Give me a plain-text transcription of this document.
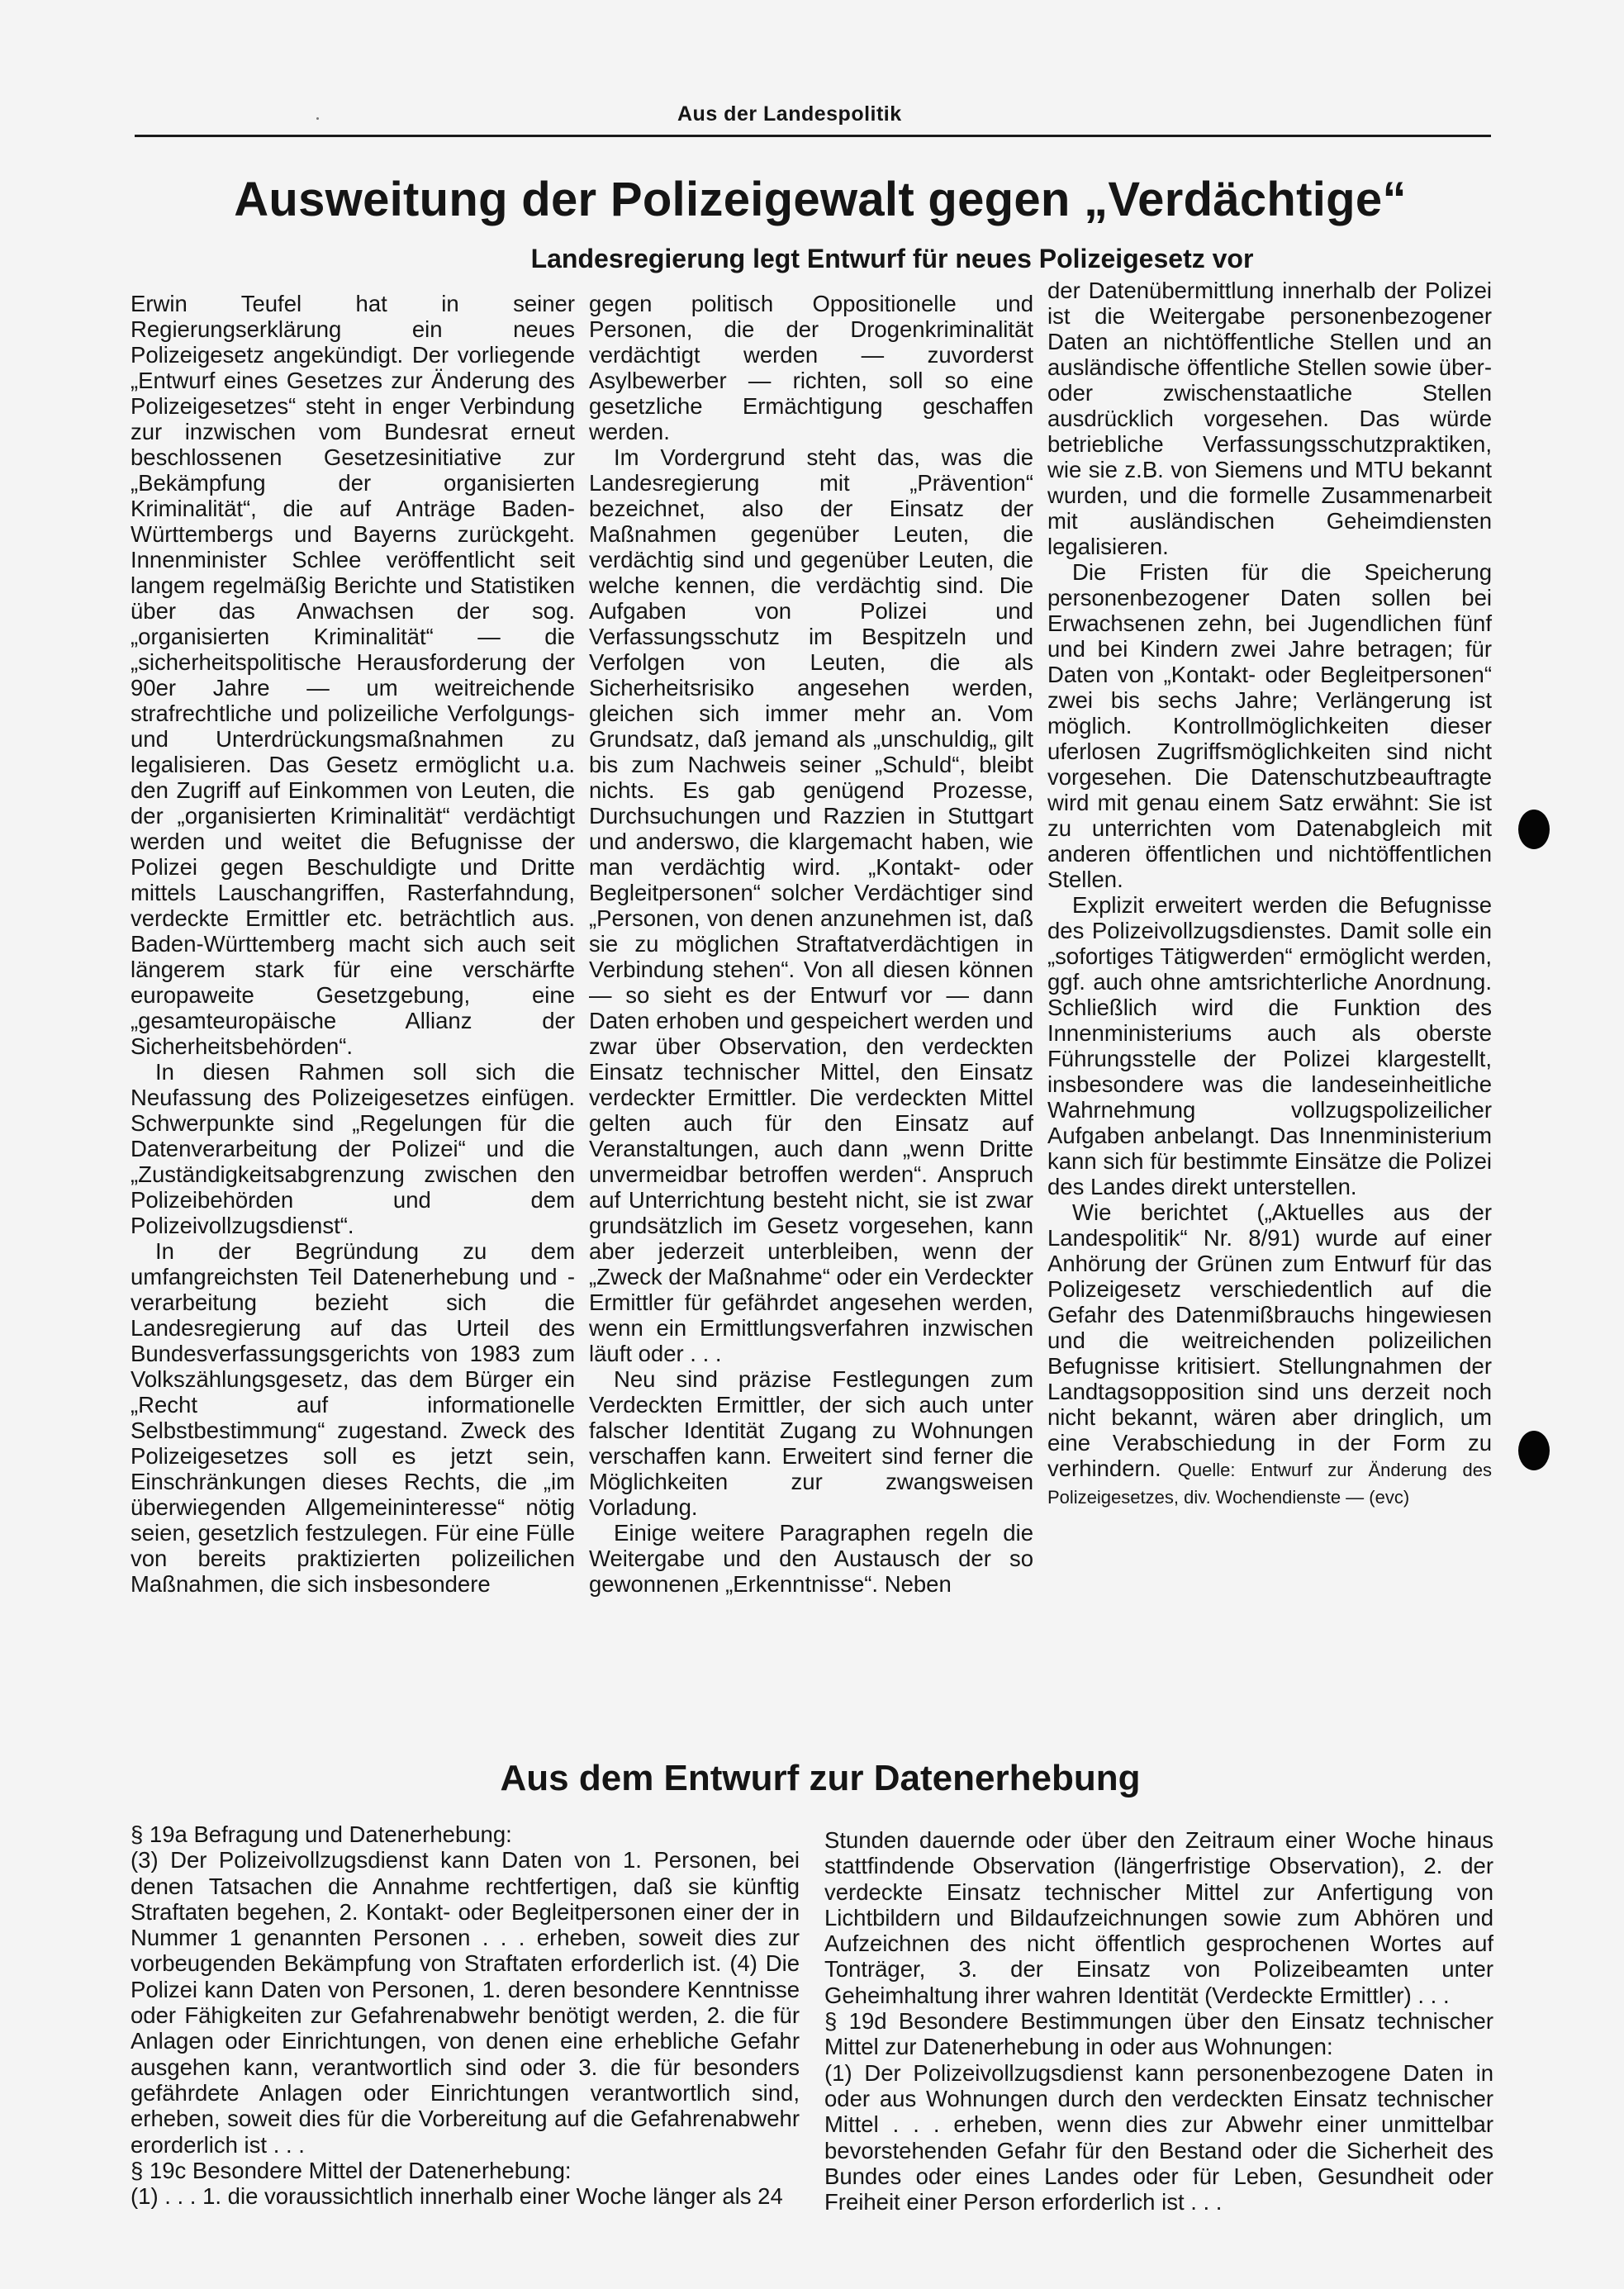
Aus der Landespolitik
Ausweitung der Polizeigewalt gegen „Verdächtige“
Landesregierung legt Entwurf für neues Polizeigesetz vor

Erwin Teufel hat in seiner Regierungserklärung ein neues Polizeigesetz angekündigt. Der vorliegende „Entwurf eines Gesetzes zur Änderung des Polizeigesetzes“ steht in enger Verbindung zur inzwischen vom Bundesrat erneut beschlossenen Gesetzesinitiative zur „Bekämpfung der organisierten Kriminalität“, die auf Anträge Baden-Württembergs und Bayerns zurückgeht. Innenminister Schlee veröffentlicht seit langem regelmäßig Berichte und Statistiken über das Anwachsen der sog. „organisierten Kriminalität“ — die „sicherheitspolitische Herausforderung der 90er Jahre — um weitreichende strafrechtliche und polizeiliche Verfolgungs- und Unterdrückungsmaßnahmen zu legalisieren. Das Gesetz ermöglicht u.a. den Zugriff auf Einkommen von Leuten, die der „organisierten Kriminalität“ verdächtigt werden und weitet die Befugnisse der Polizei gegen Beschuldigte und Dritte mittels Lauschangriffen, Rasterfahndung, verdeckte Ermittler etc. beträchtlich aus. Baden-Württemberg macht sich auch seit längerem stark für eine verschärfte europaweite Gesetzgebung, eine „gesamteuropäische Allianz der Sicherheitsbehörden“.

In diesen Rahmen soll sich die Neufassung des Polizeigesetzes einfügen. Schwerpunkte sind „Regelungen für die Datenverarbeitung der Polizei“ und die „Zuständigkeitsabgrenzung zwischen den Polizeibehörden und dem Polizeivollzugsdienst“.

In der Begründung zu dem umfangreichsten Teil Datenerhebung und -verarbeitung bezieht sich die Landesregierung auf das Urteil des Bundesverfassungsgerichts von 1983 zum Volkszählungsgesetz, das dem Bürger ein „Recht auf informationelle Selbstbestimmung“ zugestand. Zweck des Polizeigesetzes soll es jetzt sein, Einschränkungen dieses Rechts, die „im überwiegenden Allgemeininteresse“ nötig seien, gesetzlich festzulegen. Für eine Fülle von bereits praktizierten polizeilichen Maßnahmen, die sich insbesondere

gegen politisch Oppositionelle und Personen, die der Drogenkriminalität verdächtigt werden — zuvorderst Asylbewerber — richten, soll so eine gesetzliche Ermächtigung geschaffen werden.

Im Vordergrund steht das, was die Landesregierung mit „Prävention“ bezeichnet, also der Einsatz der Maßnahmen gegenüber Leuten, die verdächtig sind und gegenüber Leuten, die welche kennen, die verdächtig sind. Die Aufgaben von Polizei und Verfassungsschutz im Bespitzeln und Verfolgen von Leuten, die als Sicherheitsrisiko angesehen werden, gleichen sich immer mehr an. Vom Grundsatz, daß jemand als „unschuldig„ gilt bis zum Nachweis seiner „Schuld“, bleibt nichts. Es gab genügend Prozesse, Durchsuchungen und Razzien in Stuttgart und anderswo, die klargemacht haben, wie man verdächtig wird. „Kontakt- oder Begleitpersonen“ solcher Verdächtiger sind „Personen, von denen anzunehmen ist, daß sie zu möglichen Straftatverdächtigen in Verbindung stehen“. Von all diesen können — so sieht es der Entwurf vor — dann Daten erhoben und gespeichert werden und zwar über Observation, den verdeckten Einsatz technischer Mittel, den Einsatz verdeckter Ermittler. Die verdeckten Mittel gelten auch für den Einsatz auf Veranstaltungen, auch dann „wenn Dritte unvermeidbar betroffen werden“. Anspruch auf Unterrichtung besteht nicht, sie ist zwar grundsätzlich im Gesetz vorgesehen, kann aber jederzeit unterbleiben, wenn der „Zweck der Maßnahme“ oder ein Verdeckter Ermittler für gefährdet angesehen werden, wenn ein Ermittlungsverfahren inzwischen läuft oder . . .

Neu sind präzise Festlegungen zum Verdeckten Ermittler, der sich auch unter falscher Identität Zugang zu Wohnungen verschaffen kann. Erweitert sind ferner die Möglichkeiten zur zwangsweisen Vorladung.

Einige weitere Paragraphen regeln die Weitergabe und den Austausch der so gewonnenen „Erkenntnisse“. Neben

der Datenübermittlung innerhalb der Polizei ist die Weitergabe personenbezogener Daten an nichtöffentliche Stellen und an ausländische öffentliche Stellen sowie über- oder zwischenstaatliche Stellen ausdrücklich vorgesehen. Das würde betriebliche Verfassungsschutzpraktiken, wie sie z.B. von Siemens und MTU bekannt wurden, und die formelle Zusammenarbeit mit ausländischen Geheimdiensten legalisieren.

Die Fristen für die Speicherung personenbezogener Daten sollen bei Erwachsenen zehn, bei Jugendlichen fünf und bei Kindern zwei Jahre betragen; für Daten von „Kontakt- oder Begleitpersonen“ zwei bis sechs Jahre; Verlängerung ist möglich. Kontrollmöglichkeiten dieser uferlosen Zugriffsmöglichkeiten sind nicht vorgesehen. Die Datenschutzbeauftragte wird mit genau einem Satz erwähnt: Sie ist zu unterrichten vom Datenabgleich mit anderen öffentlichen und nichtöffentlichen Stellen.

Explizit erweitert werden die Befugnisse des Polizeivollzugsdienstes. Damit solle ein „sofortiges Tätigwerden“ ermöglicht werden, ggf. auch ohne amtsrichterliche Anordnung. Schließlich wird die Funktion des Innenministeriums auch als oberste Führungsstelle der Polizei klargestellt, insbesondere was die landeseinheitliche Wahrnehmung vollzugspolizeilicher Aufgaben anbelangt. Das Innenministerium kann sich für bestimmte Einsätze die Polizei des Landes direkt unterstellen.

Wie berichtet („Aktuelles aus der Landespolitik“ Nr. 8/91) wurde auf einer Anhörung der Grünen zum Entwurf für das Polizeigesetz verschiedentlich auf die Gefahr des Datenmißbrauchs hingewiesen und die weitreichenden polizeilichen Befugnisse kritisiert. Stellungnahmen der Landtagsopposition sind uns derzeit noch nicht bekannt, wären aber dringlich, um eine Verabschiedung in der Form zu verhindern. Quelle: Entwurf zur Änderung des Polizeigesetzes, div. Wochendienste — (evc)

Aus dem Entwurf zur Datenerhebung

§ 19a Befragung und Datenerhebung:

(3) Der Polizeivollzugsdienst kann Daten von 1. Personen, bei denen Tatsachen die Annahme rechtfertigen, daß sie künftig Straftaten begehen, 2. Kontakt- oder Begleitpersonen einer der in Nummer 1 genannten Personen . . . erheben, soweit dies zur vorbeugenden Bekämpfung von Straftaten erforderlich ist. (4) Die Polizei kann Daten von Personen, 1. deren besondere Kenntnisse oder Fähigkeiten zur Gefahrenabwehr benötigt werden, 2. die für Anlagen oder Einrichtungen, von denen eine erhebliche Gefahr ausgehen kann, verantwortlich sind oder 3. die für besonders gefährdete Anlagen oder Einrichtungen verantwortlich sind, erheben, soweit dies für die Vorbereitung auf die Gefahrenabwehr erorderlich ist . . .

§ 19c Besondere Mittel der Datenerhebung:

(1) . . . 1. die voraussichtlich innerhalb einer Woche länger als 24

Stunden dauernde oder über den Zeitraum einer Woche hinaus stattfindende Observation (längerfristige Observation), 2. der verdeckte Einsatz technischer Mittel zur Anfertigung von Lichtbildern und Bildaufzeichnungen sowie zum Abhören und Aufzeichnen des nicht öffentlich gesprochenen Wortes auf Tonträger, 3. der Einsatz von Polizeibeamten unter Geheimhaltung ihrer wahren Identität (Verdeckte Ermittler) . . .

§ 19d Besondere Bestimmungen über den Einsatz technischer Mittel zur Datenerhebung in oder aus Wohnungen:

(1) Der Polizeivollzugsdienst kann personenbezogene Daten in oder aus Wohnungen durch den verdeckten Einsatz technischer Mittel . . . erheben, wenn dies zur Abwehr einer unmittelbar bevorstehenden Gefahr für den Bestand oder die Sicherheit des Bundes oder eines Landes oder für Leben, Gesundheit oder Freiheit einer Person erforderlich ist . . .
